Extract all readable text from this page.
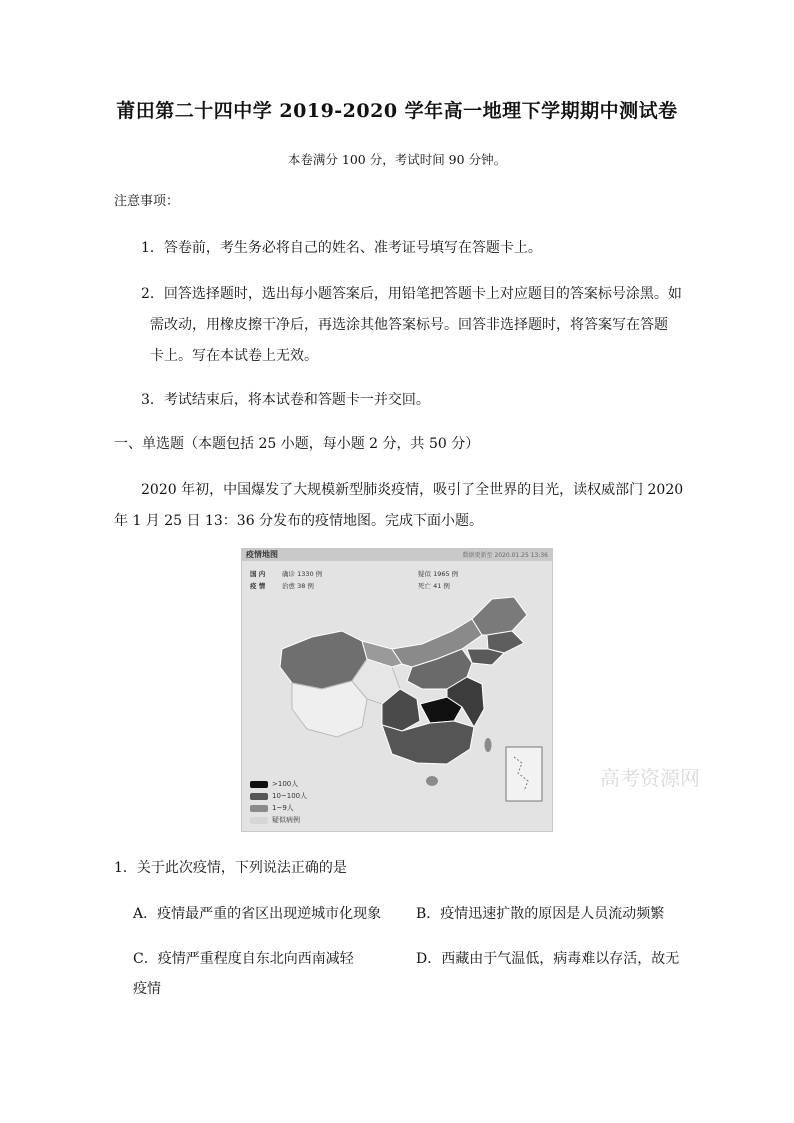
莆田第二十四中学 2019-2020 学年高一地理下学期期中测试卷
本卷满分 100 分，考试时间 90 分钟。
注意事项：
1．答卷前，考生务必将自己的姓名、准考证号填写在答题卡上。
2．回答选择题时，选出每小题答案后，用铅笔把答题卡上对应题目的答案标号涂黑。如
需改动，用橡皮擦干净后，再选涂其他答案标号。回答非选择题时，将答案写在答题
卡上。写在本试卷上无效。
3．考试结束后，将本试卷和答题卡一并交回。
一、单选题（本题包括 25 小题，每小题 2 分，共 50 分）
2020 年初，中国爆发了大规模新型肺炎疫情，吸引了全世界的目光，读权威部门 2020
年 1 月 25 日 13：36 分发布的疫情地图。完成下面小题。
疫情地图	数据更新至 2020.01.25 13:36
国 内
疫 情
确诊 1330 例
治愈 38 例
疑似 1965 例
死亡 41 例
>100人
10~100人
1~9人
疑似病例
高考资源网
1．关于此次疫情，下列说法正确的是
A．疫情最严重的省区出现逆城市化现象 B．疫情迅速扩散的原因是人员流动频繁
C．疫情严重程度自东北向西南减轻	D．西藏由于气温低，病毒难以存活，故无
疫情
